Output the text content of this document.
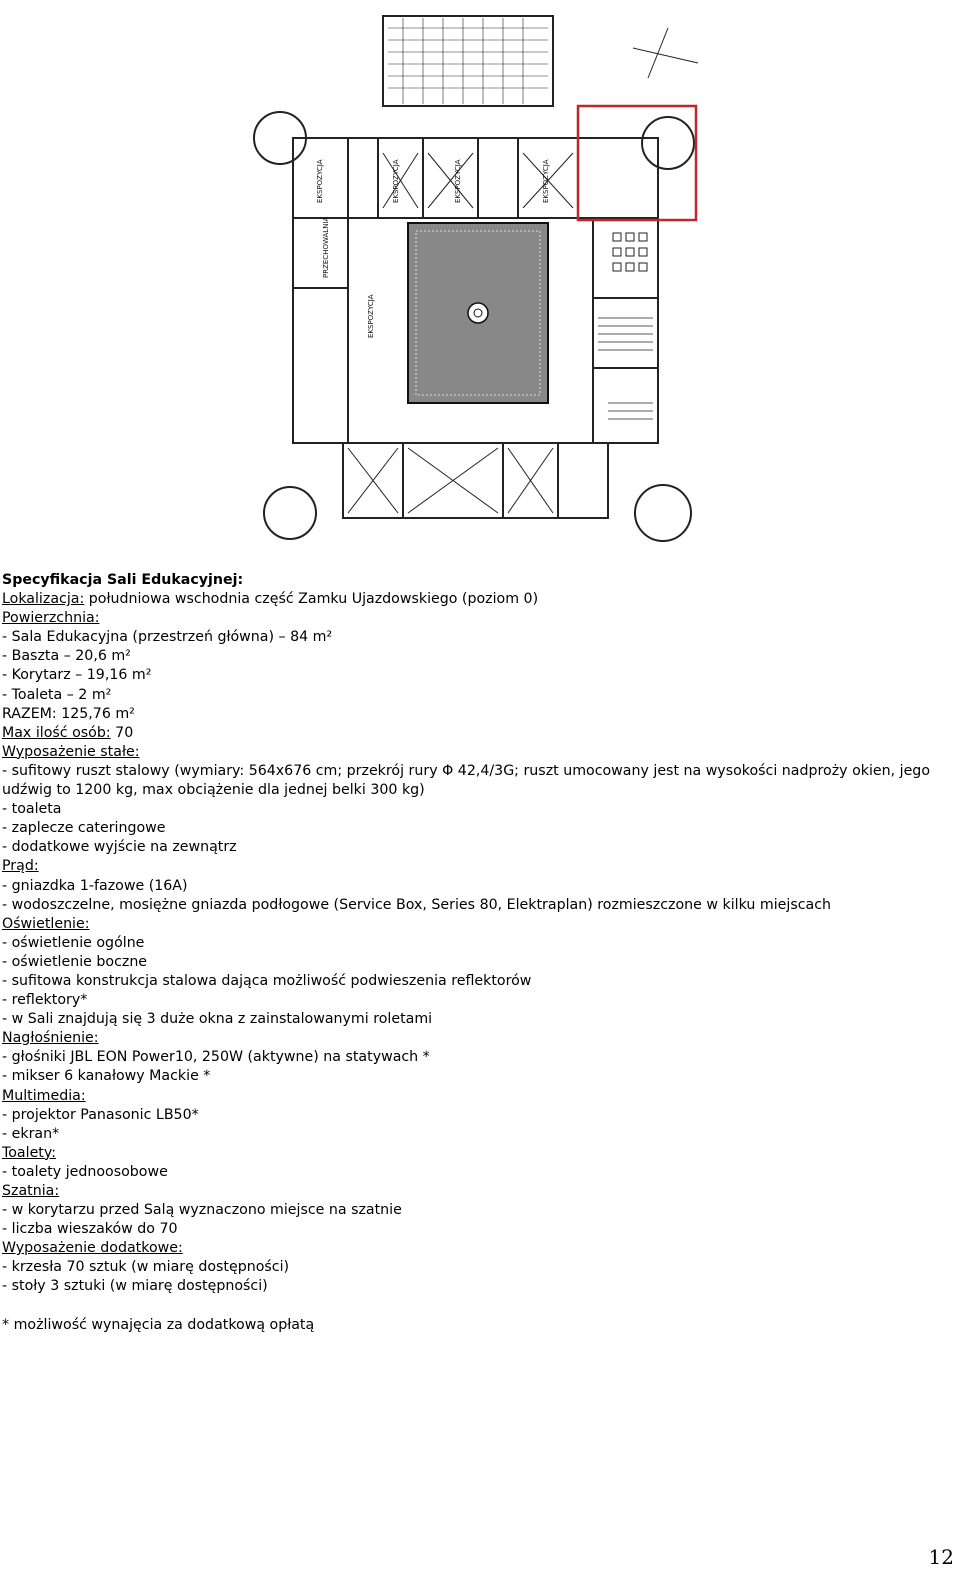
EKSPOZYCJA	EKSPOZYCJA	EKSPOZYCJA	EKSPOZYCJA
EKSPOZYCJA
PRZECHOWALNIA
Specyfikacja Sali Edukacyjnej:
Lokalizacja: południowa wschodnia część Zamku Ujazdowskiego (poziom 0)
Powierzchnia:
- Sala Edukacyjna (przestrzeń główna) – 84 m²
- Baszta – 20,6 m²
- Korytarz – 19,16 m²
- Toaleta – 2 m²
RAZEM: 125,76 m²
Max ilość osób: 70
Wyposażenie stałe:
- sufitowy ruszt stalowy (wymiary: 564x676 cm; przekrój rury Φ 42,4/3G; ruszt umocowany jest na wysokości nadproży okien, jego udźwig to 1200 kg, max obciążenie dla jednej belki 300 kg)
- toaleta
- zaplecze cateringowe
- dodatkowe wyjście na zewnątrz
Prąd:
- gniazdka 1-fazowe (16A)
- wodoszczelne, mosiężne gniazda podłogowe (Service Box, Series 80, Elektraplan) rozmieszczone w kilku miejscach
Oświetlenie:
- oświetlenie ogólne
- oświetlenie boczne
- sufitowa konstrukcja stalowa dająca możliwość podwieszenia reflektorów
- reflektory*
- w Sali znajdują się 3 duże okna z zainstalowanymi roletami
Nagłośnienie:
- głośniki JBL EON Power10, 250W (aktywne) na statywach *
- mikser 6 kanałowy Mackie *
Multimedia:
- projektor Panasonic LB50*
- ekran*
Toalety:
- toalety jednoosobowe
Szatnia:
- w korytarzu przed Salą wyznaczono miejsce na szatnie
- liczba wieszaków do 70
Wyposażenie dodatkowe:
- krzesła 70 sztuk (w miarę dostępności)
- stoły 3 sztuki (w miarę dostępności)
* możliwość wynajęcia za dodatkową opłatą
12
